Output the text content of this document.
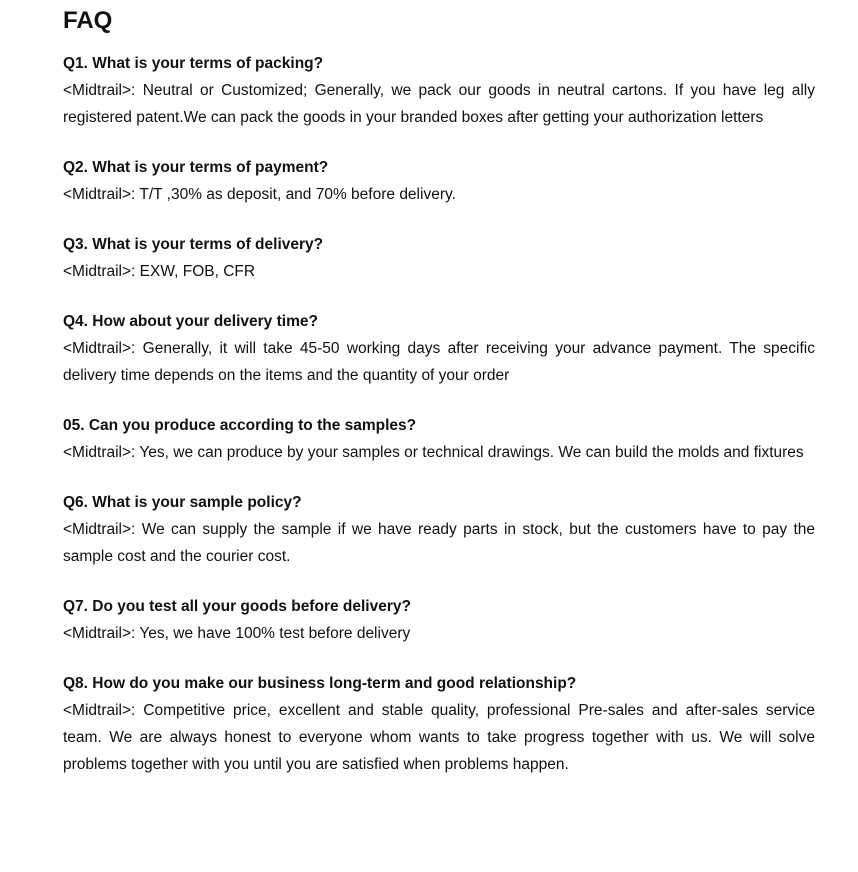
FAQ

Q1. What is your terms of packing?

<Midtrail>: Neutral or Customized; Generally, we pack our goods in neutral cartons. If you have leg ally registered patent.We can pack the goods in your branded boxes after getting your authorization letters

Q2. What is your terms of payment?

<Midtrail>: T/T ,30% as deposit, and 70% before delivery.

Q3. What is your terms of delivery?

<Midtrail>: EXW, FOB, CFR

Q4. How about your delivery time?

<Midtrail>: Generally, it will take 45-50 working days after receiving your advance payment. The specific delivery time depends on the items and the quantity of your order

05. Can you produce according to the samples?

<Midtrail>: Yes, we can produce by your samples or technical drawings. We can build the molds and fixtures

Q6. What is your sample policy?

<Midtrail>: We can supply the sample if we have ready parts in stock, but the customers have to pay the sample cost and the courier cost.

Q7. Do you test all your goods before delivery?

<Midtrail>: Yes, we have 100% test before delivery

Q8. How do you make our business long-term and good relationship?

<Midtrail>: Competitive price, excellent and stable quality, professional Pre-sales and after-sales service team. We are always honest to everyone whom wants to take progress together with us. We will solve problems together with you until you are satisfied when problems happen.
